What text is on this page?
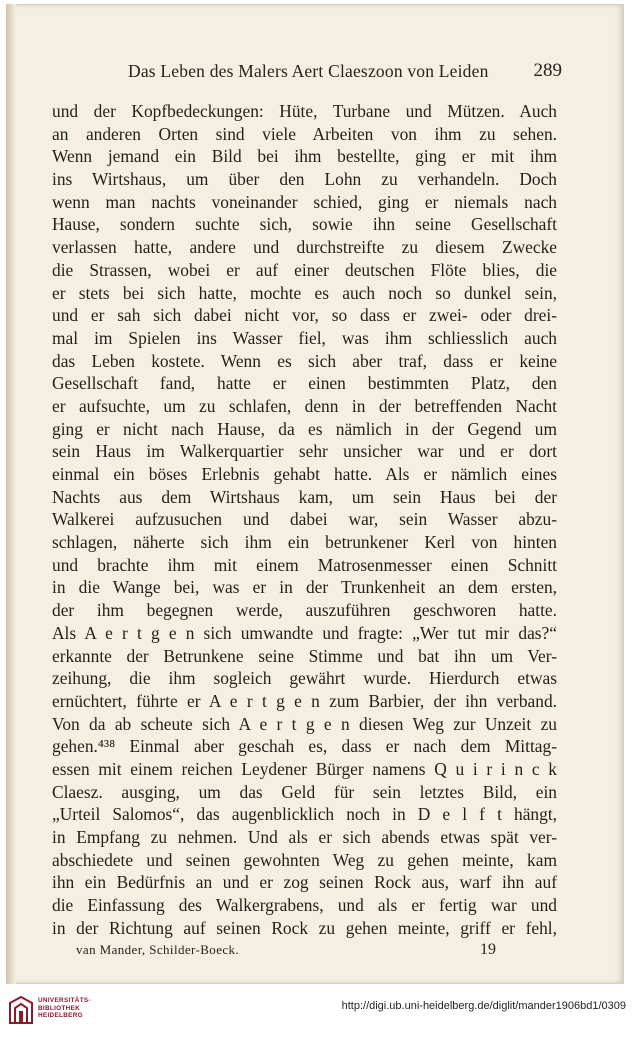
Das Leben des Malers Aert Claeszoon von Leiden 289
und der Kopfbedeckungen: Hüte, Turbane und Mützen. Auch
an anderen Orten sind viele Arbeiten von ihm zu sehen.
Wenn jemand ein Bild bei ihm bestellte, ging er mit ihm
ins Wirtshaus, um über den Lohn zu verhandeln. Doch
wenn man nachts voneinander schied, ging er niemals nach
Hause, sondern suchte sich, sowie ihn seine Gesellschaft
verlassen hatte, andere und durchstreifte zu diesem Zwecke
die Strassen, wobei er auf einer deutschen Flöte blies, die
er stets bei sich hatte, mochte es auch noch so dunkel sein,
und er sah sich dabei nicht vor, so dass er zwei- oder drei-
mal im Spielen ins Wasser fiel, was ihm schliesslich auch
das Leben kostete. Wenn es sich aber traf, dass er keine
Gesellschaft fand, hatte er einen bestimmten Platz, den
er aufsuchte, um zu schlafen, denn in der betreffenden Nacht
ging er nicht nach Hause, da es nämlich in der Gegend um
sein Haus im Walkerquartier sehr unsicher war und er dort
einmal ein böses Erlebnis gehabt hatte. Als er nämlich eines
Nachts aus dem Wirtshaus kam, um sein Haus bei der
Walkerei aufzusuchen und dabei war, sein Wasser abzu-
schlagen, näherte sich ihm ein betrunkener Kerl von hinten
und brachte ihm mit einem Matrosenmesser einen Schnitt
in die Wange bei, was er in der Trunkenheit an dem ersten,
der ihm begegnen werde, auszuführen geschworen hatte.
Als A e r t g e n sich umwandte und fragte: „Wer tut mir das?“
erkannte der Betrunkene seine Stimme und bat ihn um Ver-
zeihung, die ihm sogleich gewährt wurde. Hierdurch etwas
ernüchtert, führte er A e r t g e n zum Barbier, der ihn verband.
Von da ab scheute sich A e r t g e n diesen Weg zur Unzeit zu
gehen.⁴³⁸ Einmal aber geschah es, dass er nach dem Mittag-
essen mit einem reichen Leydener Bürger namens Q u i r i n c k
Claesz. ausging, um das Geld für sein letztes Bild, ein
„Urteil Salomos“, das augenblicklich noch in D e l f t hängt,
in Empfang zu nehmen. Und als er sich abends etwas spät ver-
abschiedete und seinen gewohnten Weg zu gehen meinte, kam
ihn ein Bedürfnis an und er zog seinen Rock aus, warf ihn auf
die Einfassung des Walkergrabens, und als er fertig war und
in der Richtung auf seinen Rock zu gehen meinte, griff er fehl,
van Mander, Schilder-Boeck.	19
UNIVERSITÄTS-
BIBLIOTHEK
HEIDELBERG
http://digi.ub.uni-heidelberg.de/diglit/mander1906bd1/0309
